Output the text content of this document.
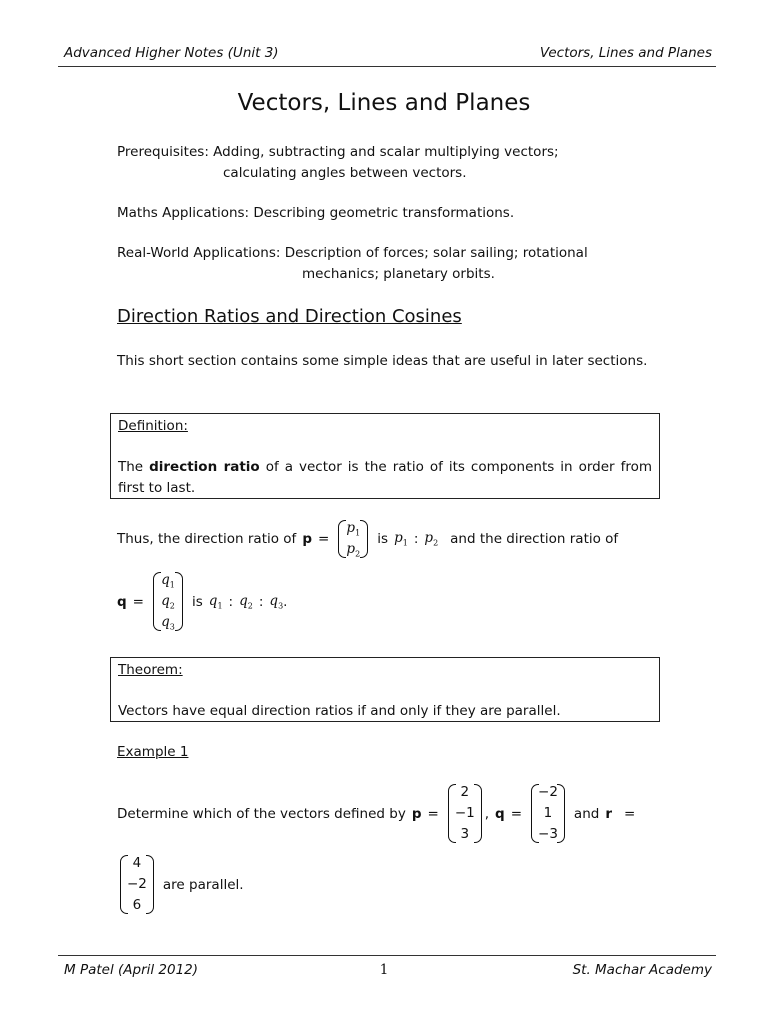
Advanced Higher Notes (Unit 3)	Vectors, Lines and Planes
Vectors, Lines and Planes
Prerequisites: Adding, subtracting and scalar multiplying vectors;
calculating angles between vectors.
Maths Applications: Describing geometric transformations.
Real-World Applications: Description of forces; solar sailing; rotational
mechanics; planetary orbits.
Direction Ratios and Direction Cosines
This short section contains some simple ideas that are useful in later sections.
Definition:
The direction ratio of a vector is the ratio of its components in order from first to last.
Thus, the direction ratio of p =
$p_1$
$p_2$
is $p_1$ : $p_2$ and the direction ratio of
q =
$q_1$
$q_2$
$q_3$
is $q_1$ : $q_2$ : $q_3$ .
Theorem:
Vectors have equal direction ratios if and only if they are parallel.
Example 1
Determine which of the vectors defined by p =
2
−1
3
, q =
−2
1
−3
and r =
4
−2
6
are parallel.
M Patel (April 2012)	1	St. Machar Academy
